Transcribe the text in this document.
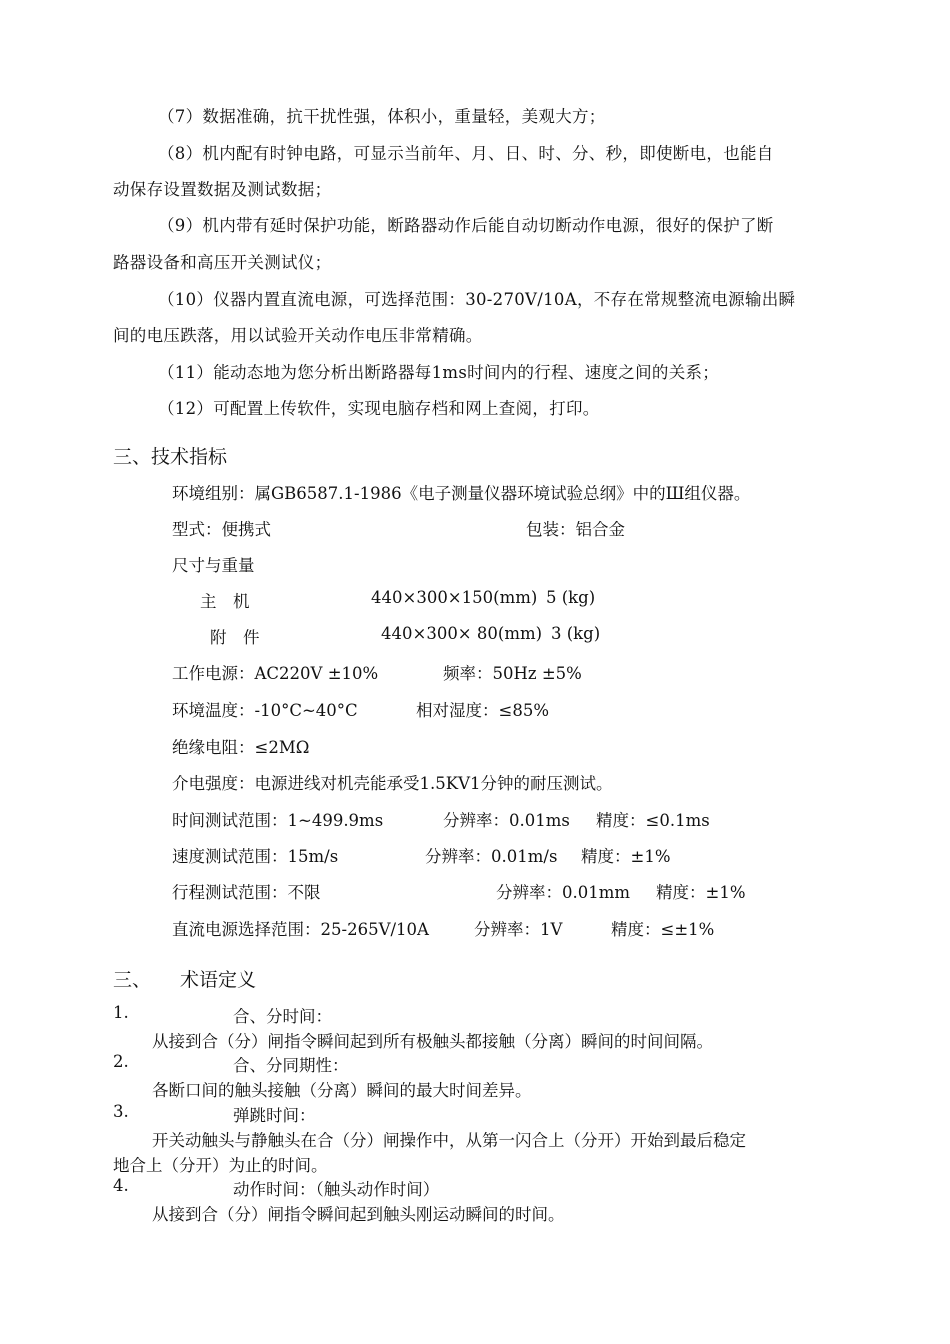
（7）数据准确，抗干扰性强，体积小，重量轻，美观大方；
（8）机内配有时钟电路，可显示当前年、月、日、时、分、秒，即使断电，也能自
动保存设置数据及测试数据；
（9）机内带有延时保护功能，断路器动作后能自动切断动作电源，很好的保护了断
路器设备和高压开关测试仪；
（10）仪器内置直流电源，可选择范围：30-270V/10A，不存在常规整流电源输出瞬
间的电压跌落，用以试验开关动作电压非常精确。
（11）能动态地为您分析出断路器每1ms时间内的行程、速度之间的关系；
（12）可配置上传软件，实现电脑存档和网上查阅，打印。
三、技术指标
环境组别：属GB6587.1-1986《电子测量仪器环境试验总纲》中的Ш组仪器。
型式：便携式	包装：铝合金
尺寸与重量
主　机	440×300×150(mm) 5 (kg)
附　件	440×300× 80(mm) 3 (kg)
工作电源：AC220V ±10%	频率：50Hz ±5%
环境温度：-10°C~40°C	相对湿度：≤85%
绝缘电阻：≤2MΩ
介电强度：电源进线对机壳能承受1.5KV1分钟的耐压测试。
时间测试范围：1~499.9ms	分辨率：0.01ms 精度：≤0.1ms
速度测试范围：15m/s	分辨率：0.01m/s 精度：±1%
行程测试范围：不限	分辨率：0.01mm 精度：±1%
直流电源选择范围：25-265V/10A	分辨率：1V	精度：≤±1%
三、 术语定义
1.	合、分时间：
从接到合（分）闸指令瞬间起到所有极触头都接触（分离）瞬间的时间间隔。
2.	合、分同期性：
各断口间的触头接触（分离）瞬间的最大时间差异。
3.	弹跳时间：
开关动触头与静触头在合（分）闸操作中，从第一闪合上（分开）开始到最后稳定
地合上（分开）为止的时间。
4.	动作时间：（触头动作时间）
从接到合（分）闸指令瞬间起到触头刚运动瞬间的时间。
